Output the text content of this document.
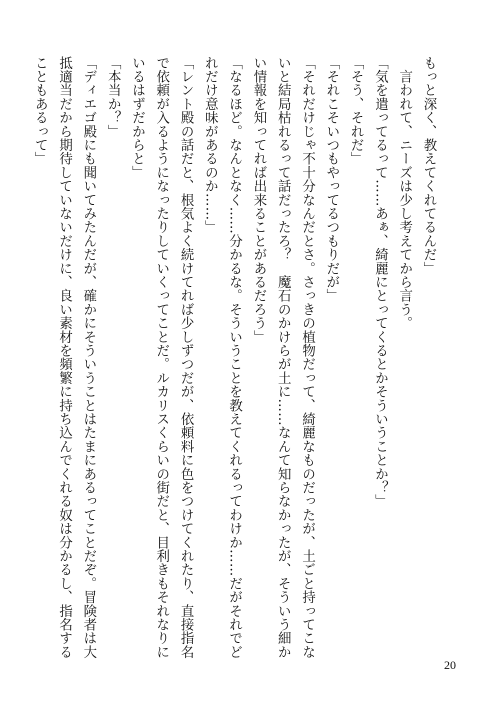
もっと深く、教えてくれてるんだ」
　言われて、ニーズは少し考えてから言う。
「気を遣ってるって……あぁ、綺麗にとってくるとかそういうことか？」
「そう、それだ」
「それこそいつもやってるつもりだが」
「それだけじゃ不十分なんだとさ。さっきの植物だって、綺麗なものだったが、土ごと持ってこな
いと結局枯れるって話だったろ？　魔石のかけらが土に……なんて知らなかったが、そういう細か
い情報を知ってれば出来ることがあるだろう」
「なるほど。なんとなく……分かるな。そういうことを教えてくれるってわけか……だがそれでど
れだけ意味があるのか……」
「レント殿の話だと、根気よく続けてれば少しずつだが、依頼料に色をつけてくれたり、直接指名
で依頼が入るようになったりしていくってことだ。ルカリスくらいの街だと、目利きもそれなりに
いるはずだからと」
「本当か？」
「ディエゴ殿にも聞いてみたんだが、確かにそういうことはたまにあるってことだぞ。冒険者は大
抵適当だから期待していないだけに、良い素材を頻繁に持ち込んでくれる奴は分かるし、指名する
こともあるって」
20
